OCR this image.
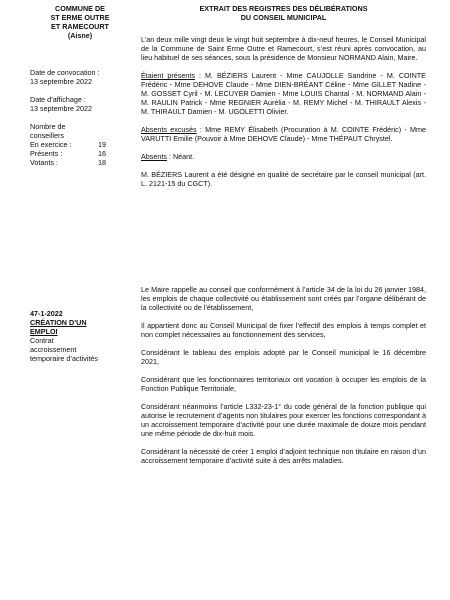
COMMUNE DE
ST ERME OUTRE
ET RAMECOURT
(Aisne)
Date de convocation :
13 septembre 2022
Date d’affichage :
13 septembre 2022
Nombre de
conseillers
En exercice :	19
Présents :	16
Votants :	18
47-1-2022
CRÉATION D’UN
EMPLOI
Contrat
accroissement
temporaire d’activités
EXTRAIT DES REGISTRES DES DÉLIBÉRATIONS
DU CONSEIL MUNICIPAL

L’an deux mille vingt deux le vingt huit septembre à dix-neuf heures, le Conseil Municipal de la Commune de Saint Erme Outre et Ramecourt, s’est réuni après convocation, au lieu habituel de ses séances, sous la présidence de Monsieur NORMAND Alain, Maire.

Étaient présents : M. BÉZIERS Laurent - Mme CAUJOLLE Sandrine - M. COINTE Frédéric - Mme DEHOVE Claude - Mme DIEN-BRÉANT Céline - Mme GILLET Nadine - M. GOSSET Cyril - M. LECUYER Damien - Mme LOUIS Chantal - M. NORMAND Alain - M. RAULIN Patrick - Mme REGNIER Aurélia - M. REMY Michel - M. THIRAULT Alexis - M. THIRAULT Damien - M. UGOLETTI Olivier.

Absents excusés : Mme REMY Élisabeth (Procuration à M. COINTE Frédéric) - Mme VARUTTI Emilie (Pouvoir à Mme DEHOVE Claude) - Mme THÉPAUT Chrystel.

Absents : Néant.

M. BÉZIERS Laurent a été désigné en qualité de secrétaire par le conseil municipal (art. L. 2121-15 du CGCT).

Le Maire rappelle au conseil que conformément à l’article 34 de la loi du 26 janvier 1984, les emplois de chaque collectivité ou établissement sont créés par l’organe délibérant de la collectivité ou de l’établissement,

Il appartient donc au Conseil Municipal de fixer l’effectif des emplois à temps complet et non complet nécessaires au fonctionnement des services,

Considérant le tableau des emplois adopté par le Conseil municipal le 16 décembre 2021,

Considérant que les fonctionnaires territoriaux ont vocation à occuper les emplois de la Fonction Publique Territoriale,

Considérant néanmoins l’article L332-23-1° du code général de la fonction publique qui autorise le recrutement d’agents non titulaires pour exercer les fonctions correspondant à un accroissement temporaire d’activité pour une durée maximale de douze mois pendant une même période de dix-huit mois.

Considérant la nécessité de créer 1 emploi d’adjoint technique non titulaire en raison d’un accroissement temporaire d’activité suite à des arrêts maladies.
